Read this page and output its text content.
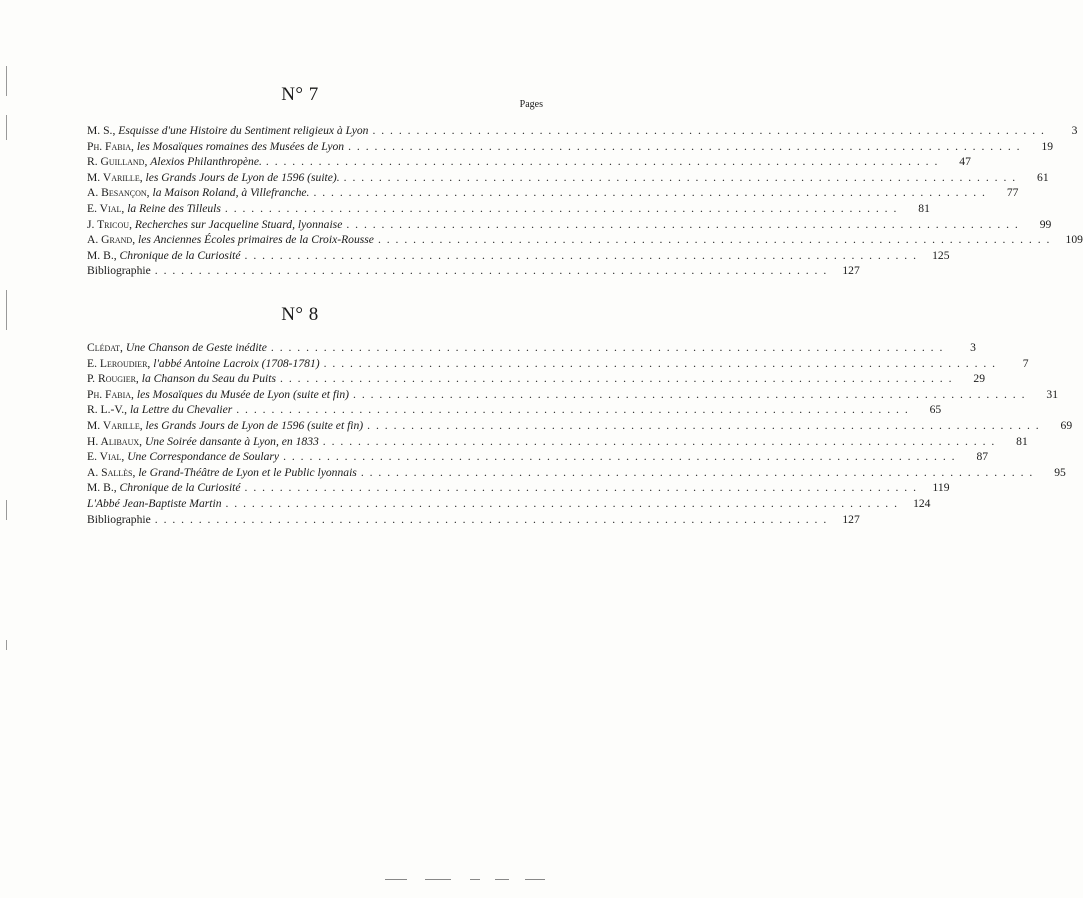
N° 7	Pages
M. S., Esquisse d'une Histoire du Sentiment religieux à Lyon . . .	3
Ph. Fabia, les Mosaïques romaines des Musées de Lyon . . .	19
R. Guilland, Alexios Philanthropène. . . .	47
M. Varille, les Grands Jours de Lyon de 1596 (suite). . . .	61
A. Besançon, la Maison Roland, à Villefranche. . . .	77
E. Vial, la Reine des Tilleuls . . .	81
J. Tricou, Recherches sur Jacqueline Stuard, lyonnaise . . .	99
A. Grand, les Anciennes Écoles primaires de la Croix-Rousse . . .	109
M. B., Chronique de la Curiosité . . .	125
Bibliographie . . .	127
N° 8
Clédat, Une Chanson de Geste inédite . . .	3
E. Leroudier, l'abbé Antoine Lacroix (1708-1781) . . .	7
P. Rougier, la Chanson du Seau du Puits . . .	29
Ph. Fabia, les Mosaïques du Musée de Lyon (suite et fin) . . .	31
R. L.-V., la Lettre du Chevalier . . .	65
M. Varille, les Grands Jours de Lyon de 1596 (suite et fin) . . .	69
H. Alibaux, Une Soirée dansante à Lyon, en 1833 . . .	81
E. Vial, Une Correspondance de Soulary . . .	87
A. Sallès, le Grand-Théâtre de Lyon et le Public lyonnais . . .	95
M. B., Chronique de la Curiosité . . .	119
L'Abbé Jean-Baptiste Martin . . .	124
Bibliographie . . .	127
